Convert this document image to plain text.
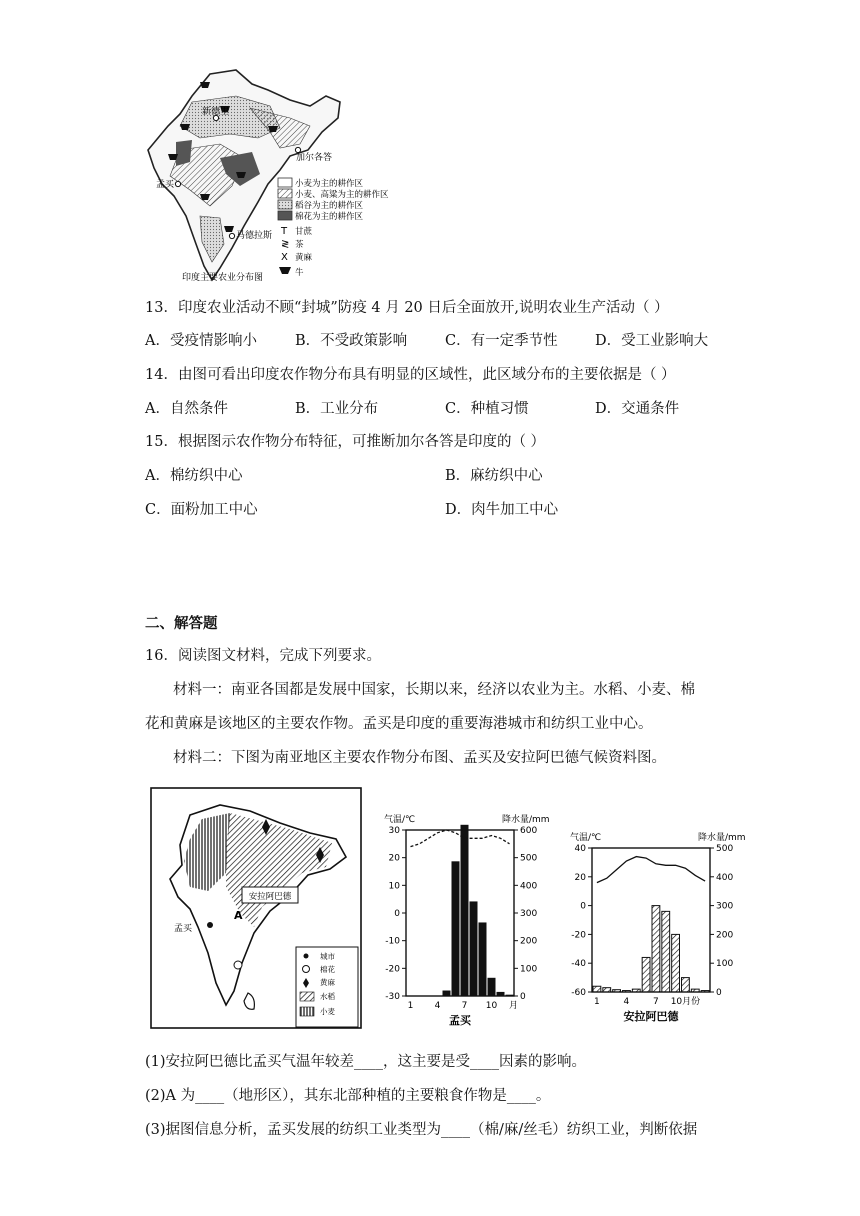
新德里
加尔各答
孟买
马德拉斯
小麦为主的耕作区
小麦、高粱为主的耕作区
稻谷为主的耕作区
棉花为主的耕作区
T 甘蔗
≷ 茶
X 黄麻
牛
印度主要农业分布图
13．印度农业活动不顾“封城”防疫 4 月 20 日后全面放开,说明农业生产活动（ ）
A．受疫情影响小	B．不受政策影响	C．有一定季节性	D．受工业影响大
14．由图可看出印度农作物分布具有明显的区域性，此区域分布的主要依据是（ ）
A．自然条件	B．工业分布	C．种植习惯	D．交通条件
15．根据图示农作物分布特征，可推断加尔各答是印度的（ ）
A．棉纺织中心	B．麻纺织中心
C．面粉加工中心	D．肉牛加工中心
二、解答题
16．阅读图文材料，完成下列要求。
材料一：南亚各国都是发展中国家，长期以来，经济以农业为主。水稻、小麦、棉
花和黄麻是该地区的主要农作物。孟买是印度的重要海港城市和纺织工业中心。
材料二：下图为南亚地区主要农作物分布图、孟买及安拉阿巴德气候资料图。
安拉阿巴德
A
孟买
城市
棉花
黄麻
水稻
小麦
气温/℃	降水量/mm
30
20
10
0
-10
-20
-30
600
500
400
300
200
100
0
1 4 7 10 月
孟买
气温/℃	降水量/mm
40
20
0
-20
-40
-60
500
400
300
200
100
0
1	4	7 10月份
安拉阿巴德
(1)安拉阿巴德比孟买气温年较差____，这主要是受____因素的影响。
(2)A 为____（地形区），其东北部种植的主要粮食作物是____。
(3)据图信息分析，孟买发展的纺织工业类型为____（棉/麻/丝毛）纺织工业，判断依据
